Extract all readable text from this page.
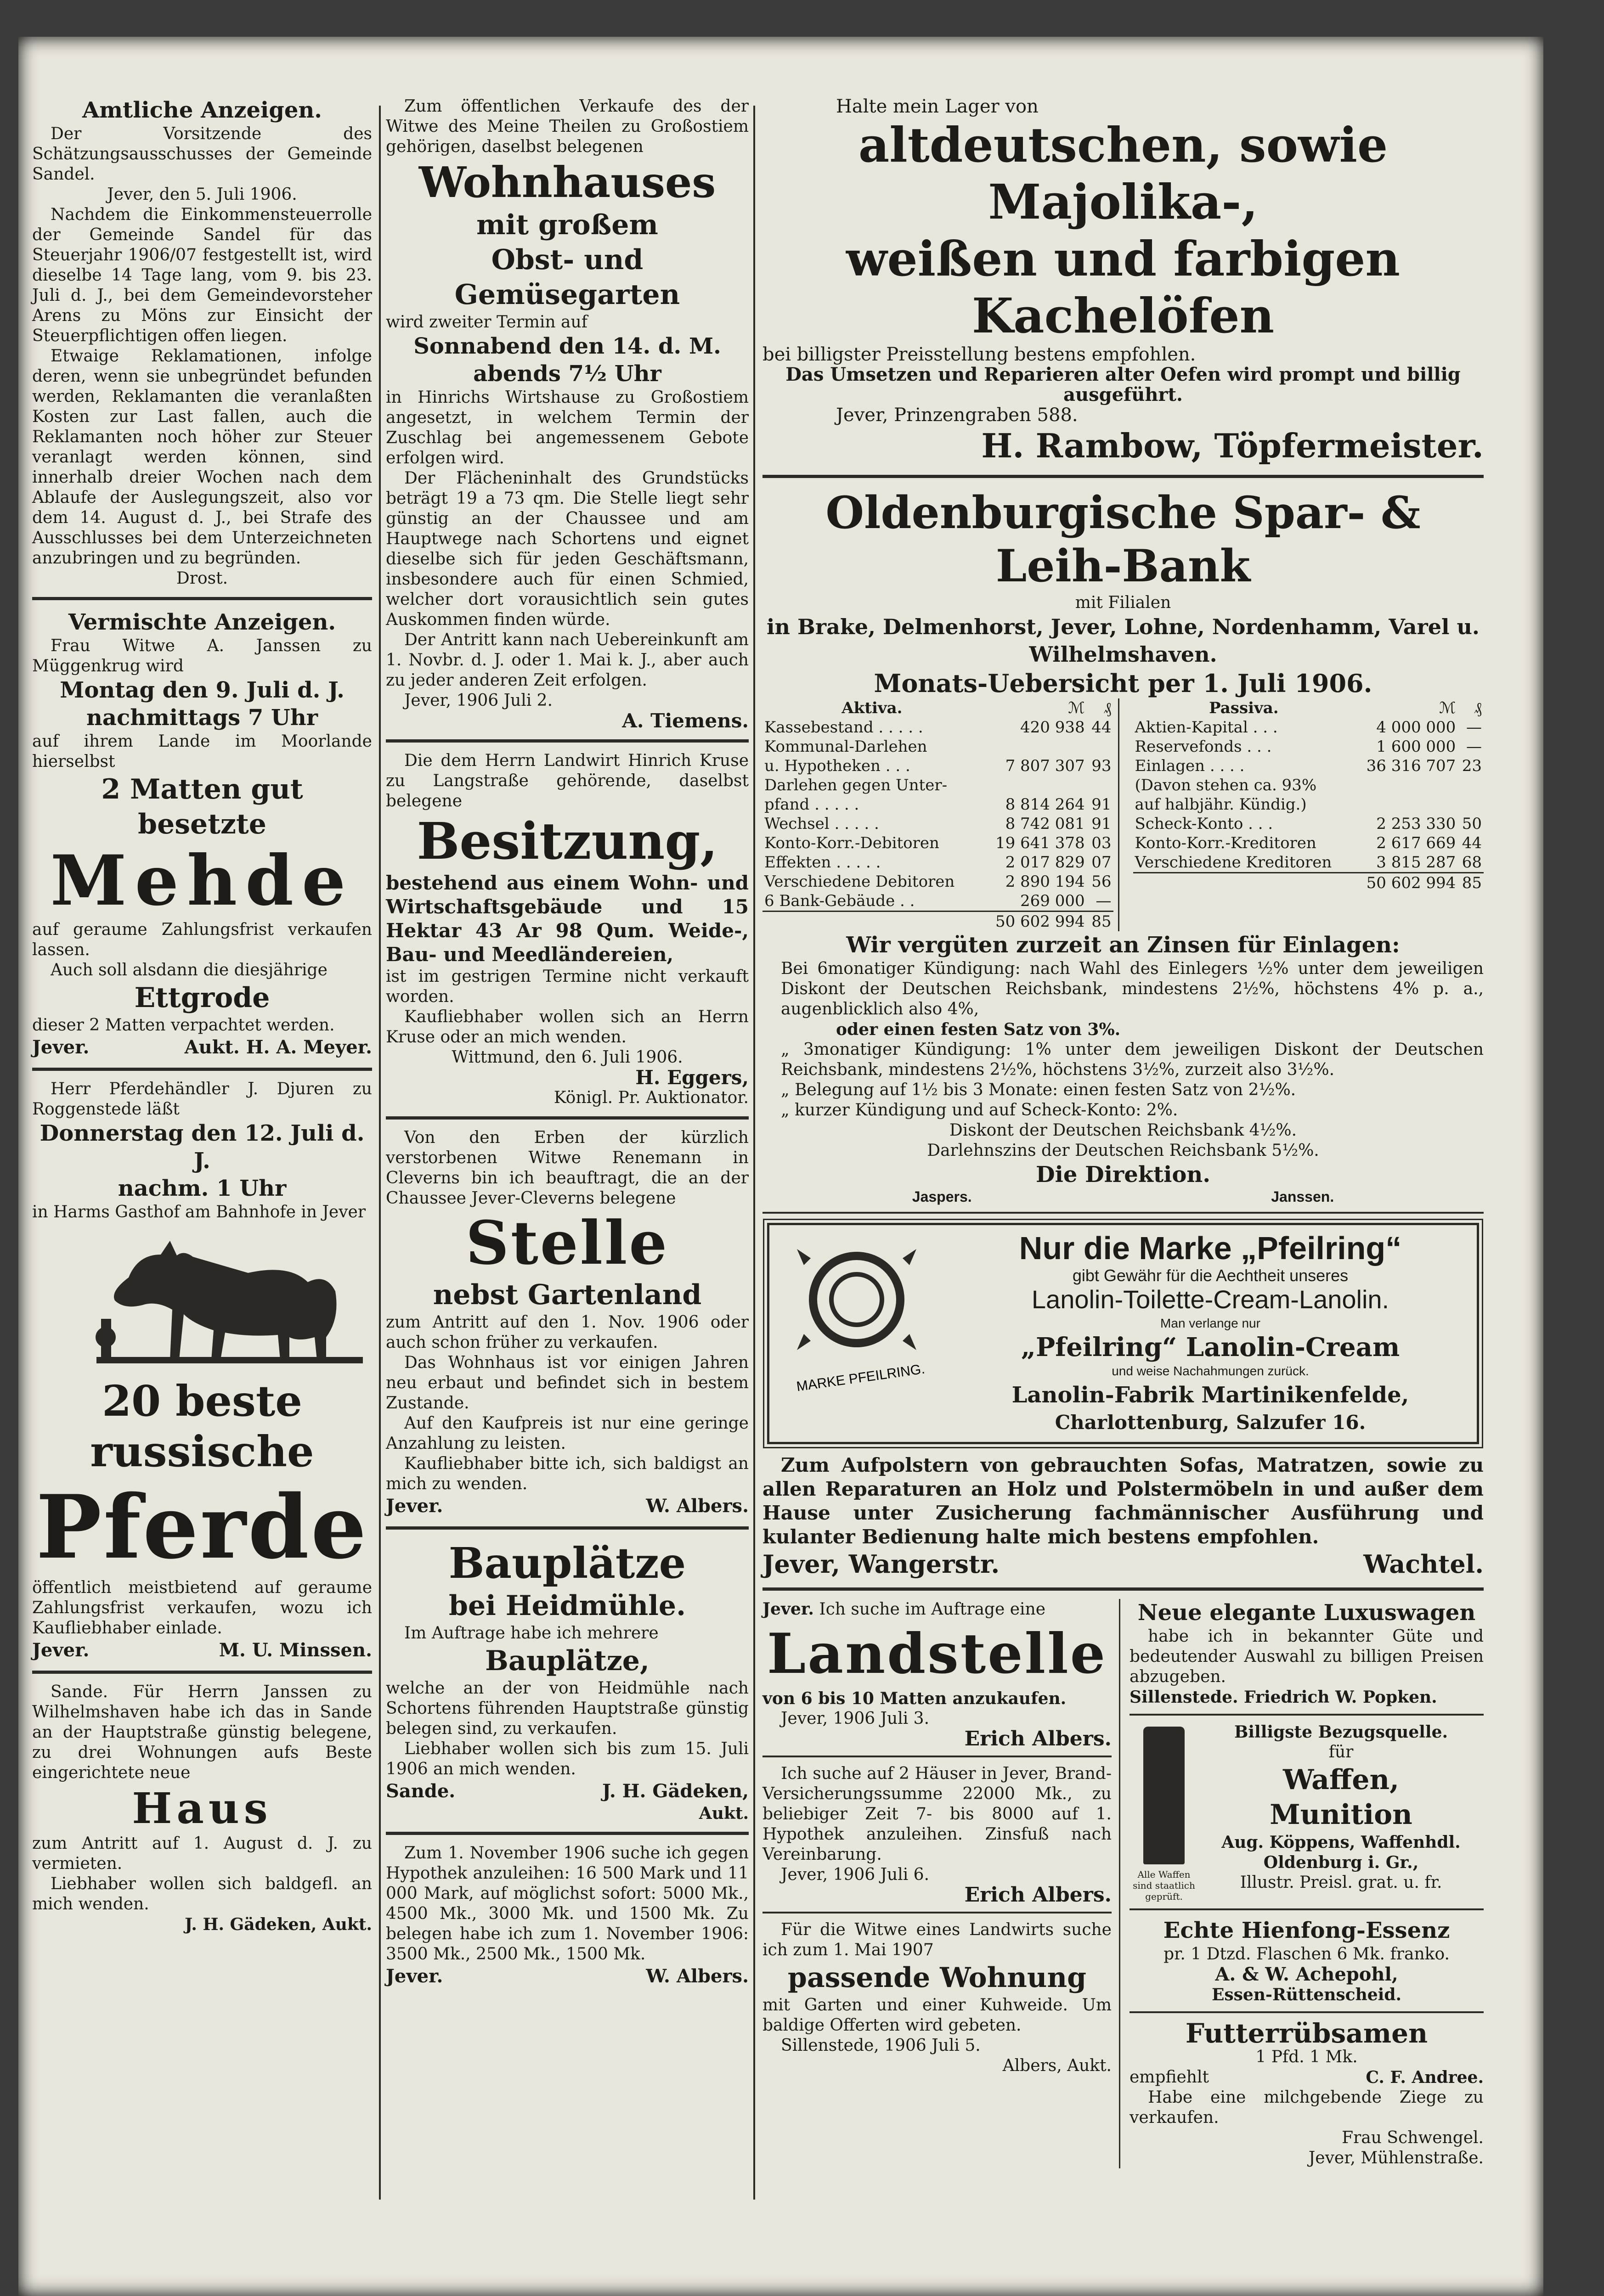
Amtliche Anzeigen.

Der Vorsitzende des Schätzungsausschusses der Gemeinde Sandel.

Jever, den 5. Juli 1906.

Nachdem die Einkommensteuerrolle der Gemeinde Sandel für das Steuerjahr 1906/07 festgestellt ist, wird dieselbe 14 Tage lang, vom 9. bis 23. Juli d. J., bei dem Gemeindevorsteher Arens zu Möns zur Einsicht der Steuerpflichtigen offen liegen.

Etwaige Reklamationen, infolge deren, wenn sie unbegründet befunden werden, Reklamanten die veranlaßten Kosten zur Last fallen, auch die Reklamanten noch höher zur Steuer veranlagt werden können, sind innerhalb dreier Wochen nach dem Ablaufe der Auslegungszeit, also vor dem 14. August d. J., bei Strafe des Ausschlusses bei dem Unterzeichneten anzubringen und zu begründen.

Drost.

Vermischte Anzeigen.

Frau Witwe A. Janssen zu Müggenkrug wird

Montag den 9. Juli d. J.
nachmittags 7 Uhr

auf ihrem Lande im Moorlande hierselbst

2 Matten gut
besetzte
Mehde

auf geraume Zahlungsfrist verkaufen lassen.

Auch soll alsdann die diesjährige

Ettgrode

dieser 2 Matten verpachtet werden.

Jever.	Aukt. H. A. Meyer.

Herr Pferdehändler J. Djuren zu Roggenstede läßt

Donnerstag den 12. Juli d. J.
nachm. 1 Uhr

in Harms Gasthof am Bahnhofe in Jever

20 beste
russische
Pferde

öffentlich meistbietend auf geraume Zahlungsfrist verkaufen, wozu ich Kaufliebhaber einlade.

Jever.	M. U. Minssen.

Sande. Für Herrn Janssen zu Wilhelmshaven habe ich das in Sande an der Hauptstraße günstig belegene, zu drei Wohnungen aufs Beste eingerichtete neue

Haus

zum Antritt auf 1. August d. J. zu vermieten.

Liebhaber wollen sich baldgefl. an mich wenden.

J. H. Gädeken, Aukt.

Zum öffentlichen Verkaufe des der Witwe des Meine Theilen zu Großostiem gehörigen, daselbst belegenen

Wohnhauses
mit großem
Obst- und Gemüsegarten

wird zweiter Termin auf

Sonnabend den 14. d. M.
abends 7½ Uhr

in Hinrichs Wirtshause zu Großostiem angesetzt, in welchem Termin der Zuschlag bei angemessenem Gebote erfolgen wird.

Der Flächeninhalt des Grundstücks beträgt 19 a 73 qm. Die Stelle liegt sehr günstig an der Chaussee und am Hauptwege nach Schortens und eignet dieselbe sich für jeden Geschäftsmann, insbesondere auch für einen Schmied, welcher dort vorausichtlich sein gutes Auskommen finden würde.

Der Antritt kann nach Uebereinkunft am 1. Novbr. d. J. oder 1. Mai k. J., aber auch zu jeder anderen Zeit erfolgen.

Jever, 1906 Juli 2.

A. Tiemens.

Die dem Herrn Landwirt Hinrich Kruse zu Langstraße gehörende, daselbst belegene

Besitzung,

bestehend aus einem Wohn- und Wirtschaftsgebäude und 15 Hektar 43 Ar 98 Qum. Weide-, Bau- und Meedländereien,

ist im gestrigen Termine nicht verkauft worden.

Kaufliebhaber wollen sich an Herrn Kruse oder an mich wenden.

Wittmund, den 6. Juli 1906.

H. Eggers,

Königl. Pr. Auktionator.

Von den Erben der kürzlich verstorbenen Witwe Renemann in Cleverns bin ich beauftragt, die an der Chaussee Jever-Cleverns belegene

Stelle
nebst Gartenland

zum Antritt auf den 1. Nov. 1906 oder auch schon früher zu verkaufen.

Das Wohnhaus ist vor einigen Jahren neu erbaut und befindet sich in bestem Zustande.

Auf den Kaufpreis ist nur eine geringe Anzahlung zu leisten.

Kaufliebhaber bitte ich, sich baldigst an mich zu wenden.

Jever.	W. Albers.
Bauplätze
bei Heidmühle.

Im Auftrage habe ich mehrere

Bauplätze,

welche an der von Heidmühle nach Schortens führenden Hauptstraße günstig belegen sind, zu verkaufen.

Liebhaber wollen sich bis zum 15. Juli 1906 an mich wenden.

Sande.	J. H. Gädeken,

Aukt.

Zum 1. November 1906 suche ich gegen Hypothek anzuleihen: 16 500 Mark und 11 000 Mark, auf möglichst sofort: 5000 Mk., 4500 Mk., 3000 Mk. und 1500 Mk. Zu belegen habe ich zum 1. November 1906: 3500 Mk., 2500 Mk., 1500 Mk.

Jever.	W. Albers.

Halte mein Lager von

altdeutschen, sowie Majolika-,
weißen und farbigen Kachelöfen

bei billigster Preisstellung bestens empfohlen.

Das Umsetzen und Reparieren alter Oefen wird prompt und billig ausgeführt.

Jever, Prinzengraben 588.

H. Rambow, Töpfermeister.
Oldenburgische Spar- & Leih-Bank

mit Filialen

in Brake, Delmenhorst, Jever, Lohne, Nordenhamm, Varel u. Wilhelmshaven.
Monats-Uebersicht per 1. Juli 1906.
Aktiva.	ℳ	₰
Kassebestand . . . . .	420 938	44
Kommunal-Darlehen		
u. Hypotheken . . .	7 807 307	93
Darlehen gegen Unter-		
pfand . . . . .	8 814 264	91
Wechsel . . . . .	8 742 081	91
Konto-Korr.-Debitoren	19 641 378	03
Effekten . . . . .	2 017 829	07
Verschiedene Debitoren	2 890 194	56
6 Bank-Gebäude . .	269 000	—
	50 602 994	85
Passiva.	ℳ	₰
Aktien-Kapital . . .	4 000 000	—
Reservefonds . . .	1 600 000	—
Einlagen . . . .	36 316 707	23
(Davon stehen ca. 93%		
auf halbjähr. Kündig.)		
Scheck-Konto . . .	2 253 330	50
Konto-Korr.-Kreditoren	2 617 669	44
Verschiedene Kreditoren	3 815 287	68
	50 602 994	85
Wir vergüten zurzeit an Zinsen für Einlagen:

Bei 6monatiger Kündigung: nach Wahl des Einlegers ½% unter dem jeweiligen Diskont der Deutschen Reichsbank, mindestens 2½%, höchstens 4% p. a., augenblicklich also 4%,

oder einen festen Satz von 3%.

„ 3monatiger Kündigung: 1% unter dem jeweiligen Diskont der Deutschen Reichsbank, mindestens 2½%, höchstens 3½%, zurzeit also 3½%.

„ Belegung auf 1½ bis 3 Monate: einen festen Satz von 2½%.

„ kurzer Kündigung und auf Scheck-Konto: 2%.

Diskont der Deutschen Reichsbank 4½%.

Darlehnszins der Deutschen Reichsbank 5½%.

Die Direktion.
Jaspers.	Janssen.
MARKE PFEILRING.
Nur die Marke „Pfeilring“

gibt Gewähr für die Aechtheit unseres

Lanolin-Toilette-Cream-Lanolin.

Man verlange nur

„Pfeilring“ Lanolin-Cream

und weise Nachahmungen zurück.

Lanolin-Fabrik Martinikenfelde,
Charlottenburg, Salzufer 16.

Zum Aufpolstern von gebrauchten Sofas, Matratzen, sowie zu allen Reparaturen an Holz und Polstermöbeln in und außer dem Hause unter Zusicherung fachmännischer Ausführung und kulanter Bedienung halte mich bestens empfohlen.

Jever, Wangerstr.	Wachtel.

Jever. Ich suche im Auftrage eine

Landstelle

von 6 bis 10 Matten anzukaufen.

Jever, 1906 Juli 3.

Erich Albers.

Ich suche auf 2 Häuser in Jever, Brand-Versicherungssumme 22000 Mk., zu beliebiger Zeit 7- bis 8000 auf 1. Hypothek anzuleihen. Zinsfuß nach Vereinbarung.

Jever, 1906 Juli 6.

Erich Albers.

Für die Witwe eines Landwirts suche ich zum 1. Mai 1907

passende Wohnung

mit Garten und einer Kuhweide. Um baldige Offerten wird gebeten.

Sillenstede, 1906 Juli 5.

Albers, Aukt.

Neue elegante Luxuswagen

habe ich in bekannter Güte und bedeutender Auswahl zu billigen Preisen abzugeben.

Sillenstede. Friedrich W. Popken.

Alle Waffen sind staatlich geprüft.

Billigste Bezugsquelle.

für

Waffen,
Munition

Aug. Köppens, Waffenhdl.

Oldenburg i. Gr.,

Illustr. Preisl. grat. u. fr.

Echte Hienfong-Essenz

pr. 1 Dtzd. Flaschen 6 Mk. franko.

A. & W. Achepohl,

Essen-Rüttenscheid.

Futterrübsamen

1 Pfd. 1 Mk.

empfiehlt	C. F. Andree.

Habe eine milchgebende Ziege zu verkaufen.

Frau Schwengel.

Jever, Mühlenstraße.
